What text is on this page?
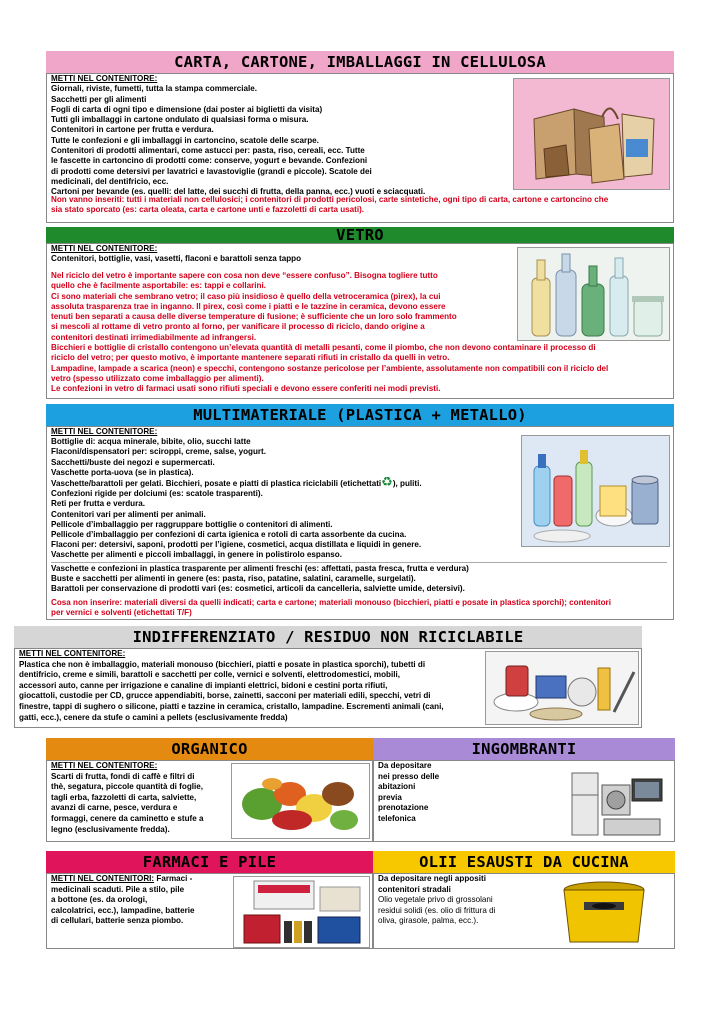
CARTA, CARTONE, IMBALLAGGI IN CELLULOSA
METTI NEL CONTENITORE:
Giornali, riviste, fumetti, tutta la stampa commerciale.
Sacchetti per gli alimenti
Fogli di carta di ogni tipo e dimensione (dai poster ai biglietti da visita)
Tutti gli imballaggi in cartone ondulato di qualsiasi forma o misura.
Contenitori in cartone per frutta e verdura.
Tutte le confezioni e gli imballaggi in cartoncino, scatole delle scarpe.
Contenitori di prodotti alimentari, come astucci per: pasta, riso, cereali, ecc. Tutte
le fascette in cartoncino di prodotti come: conserve, yogurt e bevande. Confezioni
di prodotti come detersivi per lavatrici e lavastoviglie (grandi e piccole). Scatole dei
medicinali, del dentifricio, ecc.
Cartoni per bevande (es. quelli: del latte, dei succhi di frutta, della panna, ecc.) vuoti e sciacquati.
Non vanno inseriti: tutti i materiali non cellulosici; i contenitori di prodotti pericolosi, carte sintetiche, ogni tipo di carta, cartone e cartoncino che
sia stato sporcato (es: carta oleata, carta e cartone unti e fazzoletti di carta usati).
VETRO
METTI NEL CONTENITORE:
Contenitori, bottiglie, vasi, vasetti, flaconi e barattoli senza tappo
Nel riciclo del vetro è importante sapere con cosa non deve “essere confuso”. Bisogna togliere tutto
quello che è facilmente asportabile: es: tappi e collarini.
Ci sono materiali che sembrano vetro; il caso più insidioso è quello della vetroceramica (pirex), la cui
assoluta trasparenza trae in inganno. Il pirex, così come i piatti e le tazzine in ceramica, devono essere
tenuti ben separati a causa delle diverse temperature di fusione; è sufficiente che un loro solo frammento
si mescoli al rottame di vetro pronto al forno, per vanificare il processo di riciclo, dando origine a
contenitori destinati irrimediabilmente ad infrangersi.
Bicchieri e bottiglie di cristallo contengono un’elevata quantità di metalli pesanti, come il piombo, che non devono contaminare il processo di
riciclo del vetro; per questo motivo, è importante mantenere separati rifiuti in cristallo da quelli in vetro.
Lampadine, lampade a scarica (neon) e specchi, contengono sostanze pericolose per l’ambiente, assolutamente non compatibili con il riciclo del
vetro (spesso utilizzato come imballaggio per alimenti).
Le confezioni in vetro di farmaci usati sono rifiuti speciali e devono essere conferiti nei modi previsti.
MULTIMATERIALE (PLASTICA + METALLO)
METTI NEL CONTENITORE:
Bottiglie di: acqua minerale, bibite, olio, succhi latte
Flaconi/dispensatori per: sciroppi, creme, salse, yogurt.
Sacchetti/buste dei negozi e supermercati.
Vaschette porta-uova (se in plastica).
Vaschette/barattoli per gelati. Bicchieri, posate e piatti di plastica riciclabili (etichettati♻), puliti.
Confezioni rigide per dolciumi (es: scatole trasparenti).
Reti per frutta e verdura.
Contenitori vari per alimenti per animali.
Pellicole d’imballaggio per raggruppare bottiglie o contenitori di alimenti.
Pellicole d’imballaggio per confezioni di carta igienica e rotoli di carta assorbente da cucina.
Flaconi per: detersivi, saponi, prodotti per l’igiene, cosmetici, acqua distillata e liquidi in genere.
Vaschette per alimenti e piccoli imballaggi, in genere in polistirolo espanso.
Vaschette e confezioni in plastica trasparente per alimenti freschi (es: affettati, pasta fresca, frutta e verdura)
Buste e sacchetti per alimenti in genere (es: pasta, riso, patatine, salatini, caramelle, surgelati).
Barattoli per conservazione di prodotti vari (es: cosmetici, articoli da cancelleria, salviette umide, detersivi).
Cosa non inserire: materiali diversi da quelli indicati; carta e cartone; materiali monouso (bicchieri, piatti e posate in plastica sporchi); contenitori
per vernici e solventi (etichettati T/F)
INDIFFERENZIATO / RESIDUO NON RICICLABILE
METTI NEL CONTENITORE:
Plastica che non è imballaggio, materiali monouso (bicchieri, piatti e posate in plastica sporchi), tubetti di
dentifricio, creme e simili, barattoli e sacchetti per colle, vernici e solventi, elettrodomestici, mobili,
accessori auto, canne per irrigazione e canaline di impianti elettrici, bidoni e cestini porta rifiuti,
giocattoli, custodie per CD, grucce appendiabiti, borse, zainetti, sacconi per materiali edili, specchi, vetri di
finestre, tappi di sughero o silicone, piatti e tazzine in ceramica, cristallo, lampadine. Escrementi animali (cani,
gatti, ecc.), cenere da stufe o camini a pellets (esclusivamente fredda)
ORGANICO
METTI NEL CONTENITORE:
Scarti di frutta, fondi di caffè e filtri di
thè, segatura, piccole quantità di foglie,
tagli erba, fazzoletti di carta, salviette,
avanzi di carne, pesce, verdura e
formaggi, cenere da caminetto e stufe a
legno (esclusivamente fredda).
INGOMBRANTI
Da depositare
nei presso delle
abitazioni
previa
prenotazione
telefonica
FARMACI E PILE
METTI NEL CONTENITORI: Farmaci -
medicinali scaduti. Pile a stilo, pile
a bottone (es. da orologi,
calcolatrici, ecc.), lampadine, batterie
di cellulari, batterie senza piombo.
OLII ESAUSTI DA CUCINA
Da depositare negli appositi
contenitori stradali
Olio vegetale privo di grossolani
residui solidi (es. olio di frittura di
oliva, girasole, palma, ecc.).
